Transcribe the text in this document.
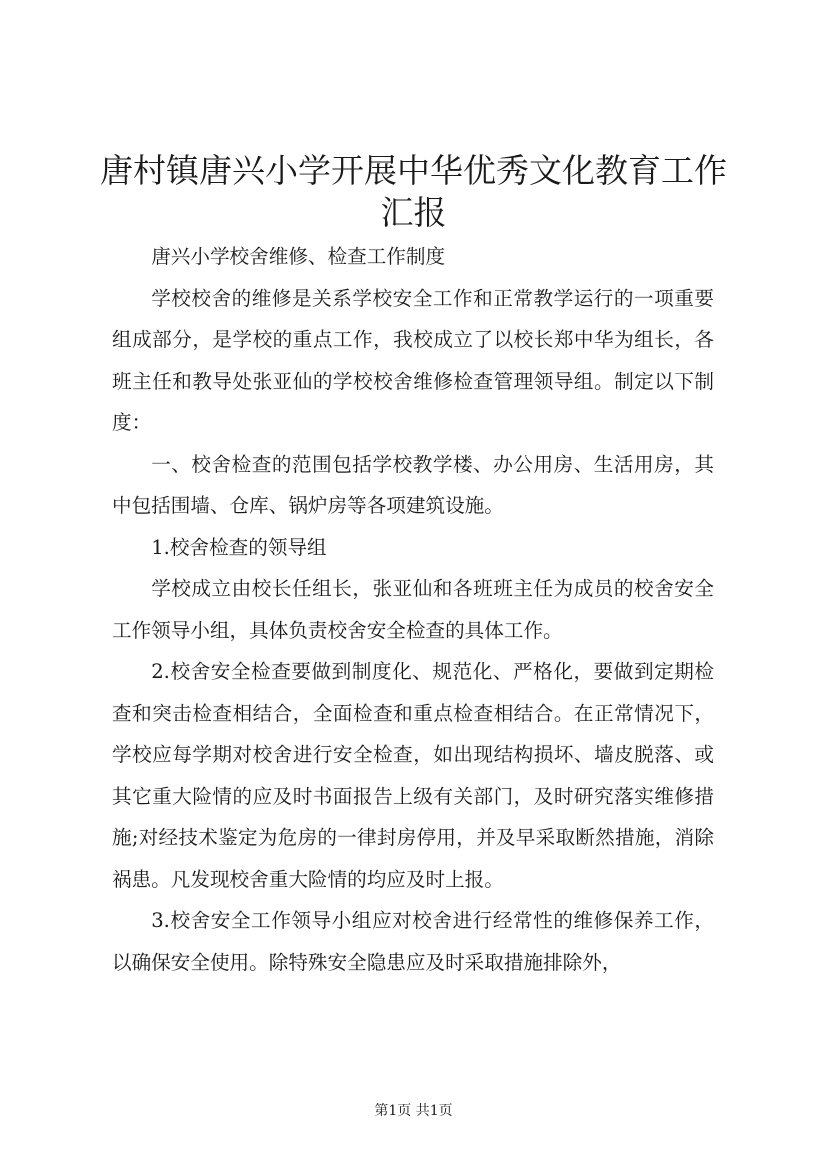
唐村镇唐兴小学开展中华优秀文化教育工作汇报

唐兴小学校舍维修、检查工作制度

学校校舍的维修是关系学校安全工作和正常教学运行的一项重要组成部分，是学校的重点工作，我校成立了以校长郑中华为组长，各班主任和教导处张亚仙的学校校舍维修检查管理领导组。制定以下制度：

一、校舍检查的范围包括学校教学楼、办公用房、生活用房，其中包括围墙、仓库、锅炉房等各项建筑设施。

1.校舍检查的领导组

学校成立由校长任组长，张亚仙和各班班主任为成员的校舍安全工作领导小组，具体负责校舍安全检查的具体工作。

2.校舍安全检查要做到制度化、规范化、严格化，要做到定期检查和突击检查相结合，全面检查和重点检查相结合。在正常情况下，学校应每学期对校舍进行安全检查，如出现结构损坏、墙皮脱落、或其它重大险情的应及时书面报告上级有关部门，及时研究落实维修措施;对经技术鉴定为危房的一律封房停用，并及早采取断然措施，消除祸患。凡发现校舍重大险情的均应及时上报。

3.校舍安全工作领导小组应对校舍进行经常性的维修保养工作，以确保安全使用。除特殊安全隐患应及时采取措施排除外，

第1页 共1页
